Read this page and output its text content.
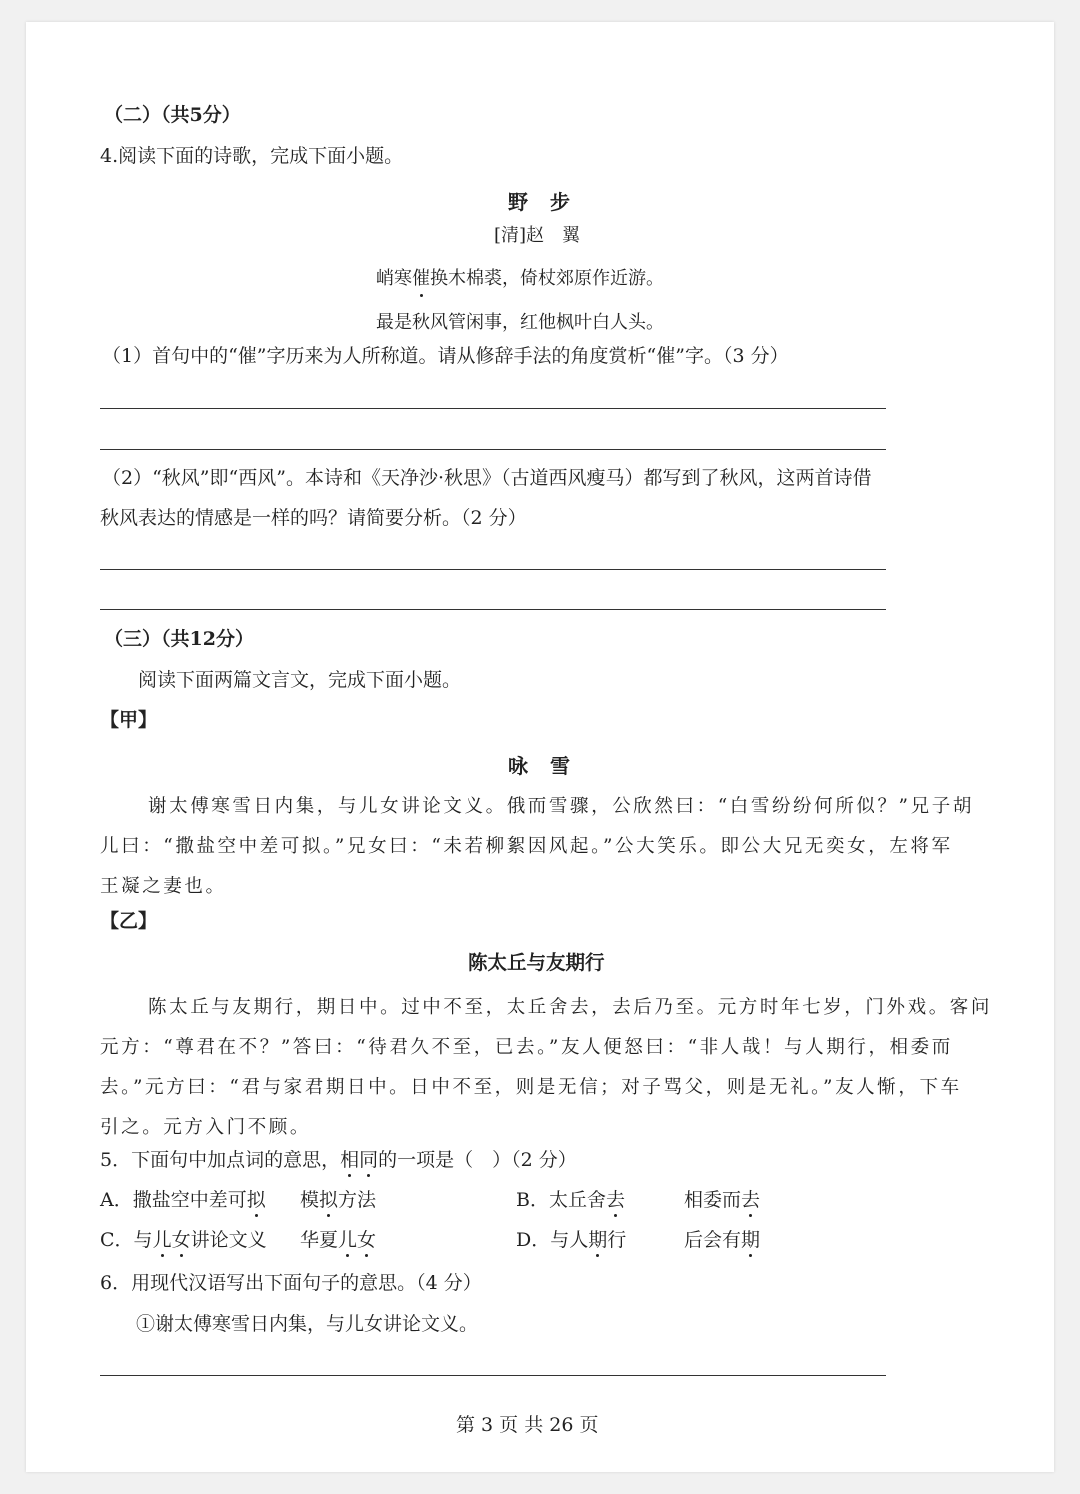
（二）（共5分）
4.阅读下面的诗歌，完成下面小题。
野　步
[清]赵　翼
峭寒催换木棉裘，倚杖郊原作近游。
最是秋风管闲事，红他枫叶白人头。
（1）首句中的“催”字历来为人所称道。请从修辞手法的角度赏析“催”字。（3 分）
（2）“秋风”即“西风”。本诗和《天净沙·秋思》（古道西风瘦马）都写到了秋风，这两首诗借
秋风表达的情感是一样的吗？请简要分析。（2 分）
（三）（共12分）
阅读下面两篇文言文，完成下面小题。
【甲】
咏　雪
谢太傅寒雪日内集，与儿女讲论文义。俄而雪骤，公欣然曰：“白雪纷纷何所似？”兄子胡
儿曰：“撒盐空中差可拟。”兄女曰：“未若柳絮因风起。”公大笑乐。即公大兄无奕女，左将军
王凝之妻也。
【乙】
陈太丘与友期行
陈太丘与友期行，期日中。过中不至，太丘舍去，去后乃至。元方时年七岁，门外戏。客问
元方：“尊君在不？”答曰：“待君久不至，已去。”友人便怒曰：“非人哉！与人期行，相委而
去。”元方曰：“君与家君期日中。日中不至，则是无信；对子骂父，则是无礼。”友人惭，下车
引之。元方入门不顾。
5．下面句中加点词的意思，相同的一项是（　）（2 分）
A．撒盐空中差可拟 模拟方法	B．太丘舍去	相委而去
C．与儿女讲论文义 华夏儿女	D．与人期行	后会有期
6．用现代汉语写出下面句子的意思。（4 分）
①谢太傅寒雪日内集，与儿女讲论文义。
第 3 页 共 26 页
